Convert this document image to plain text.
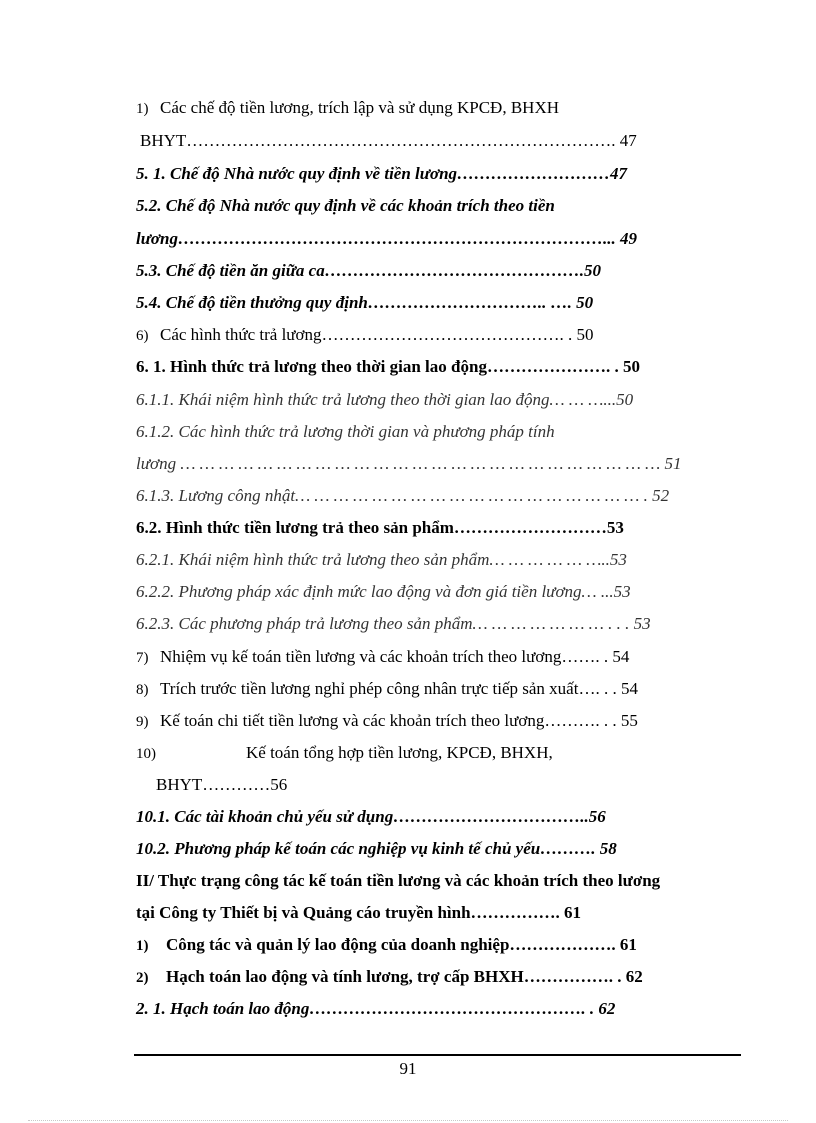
1) Các chế độ tiền lương, trích lập và sử dụng KPCĐ, BHXH
BHYT…………………………………………………………………. 47
5. 1. Chế độ Nhà nước quy định về tiền lương………………………47
5.2. Chế độ Nhà nước quy định về các khoản trích theo tiền
lương…………………………………………………………………... 49
5.3. Chế độ tiền ăn giữa ca……………………………………….50
5.4. Chế độ tiền thưởng quy định………………………….. …. 50
6) Các hình thức trả lương……………………………………. . 50
6. 1. Hình thức trả lương theo thời gian lao động…………………. . 50
6.1.1. Khái niệm hình thức trả lương theo thời gian lao động… … …...50
6.1.2. Các hình thức trả lương thời gian và phương pháp tính
lương … … … … … … … … … … … … … … … … … … … … … … … … … 51
6.1.3. Lương công nhật… … … … … … … … … … … … … … … … … … . 52
6.2. Hình thức tiền lương trả theo sản phẩm………………………53
6.2.1. Khái niệm hình thức trả lương theo sản phẩm… … … … … …..53
6.2.2. Phương pháp xác định mức lao động và đơn giá tiền lương… ...53
6.2.3. Các phương pháp trả lương theo sản phẩm… … … … … … … . . . 53
7) Nhiệm vụ kế toán tiền lương và các khoản trích theo lương……. . 54
8) Trích trước tiền lương nghỉ phép công nhân trực tiếp sản xuất…. . . 54
9) Kế toán chi tiết tiền lương và các khoản trích theo lương………. . . 55
10)	Kế toán tổng hợp tiền lương, KPCĐ, BHXH,
BHYT…………56
10.1. Các tài khoản chủ yếu sử dụng……………………………..56
10.2. Phương pháp kế toán các nghiệp vụ kinh tế chủ yếu………. 58
II/ Thực trạng công tác kế toán tiền lương và các khoản trích theo lương
tại Công ty Thiết bị và Quảng cáo truyền hình……………. 61
1) Công tác và quản lý lao động của doanh nghiệp………………. 61
2) Hạch toán lao động và tính lương, trợ cấp BHXH……………. . 62
2. 1. Hạch toán lao động…………………………………………. . 62
91
